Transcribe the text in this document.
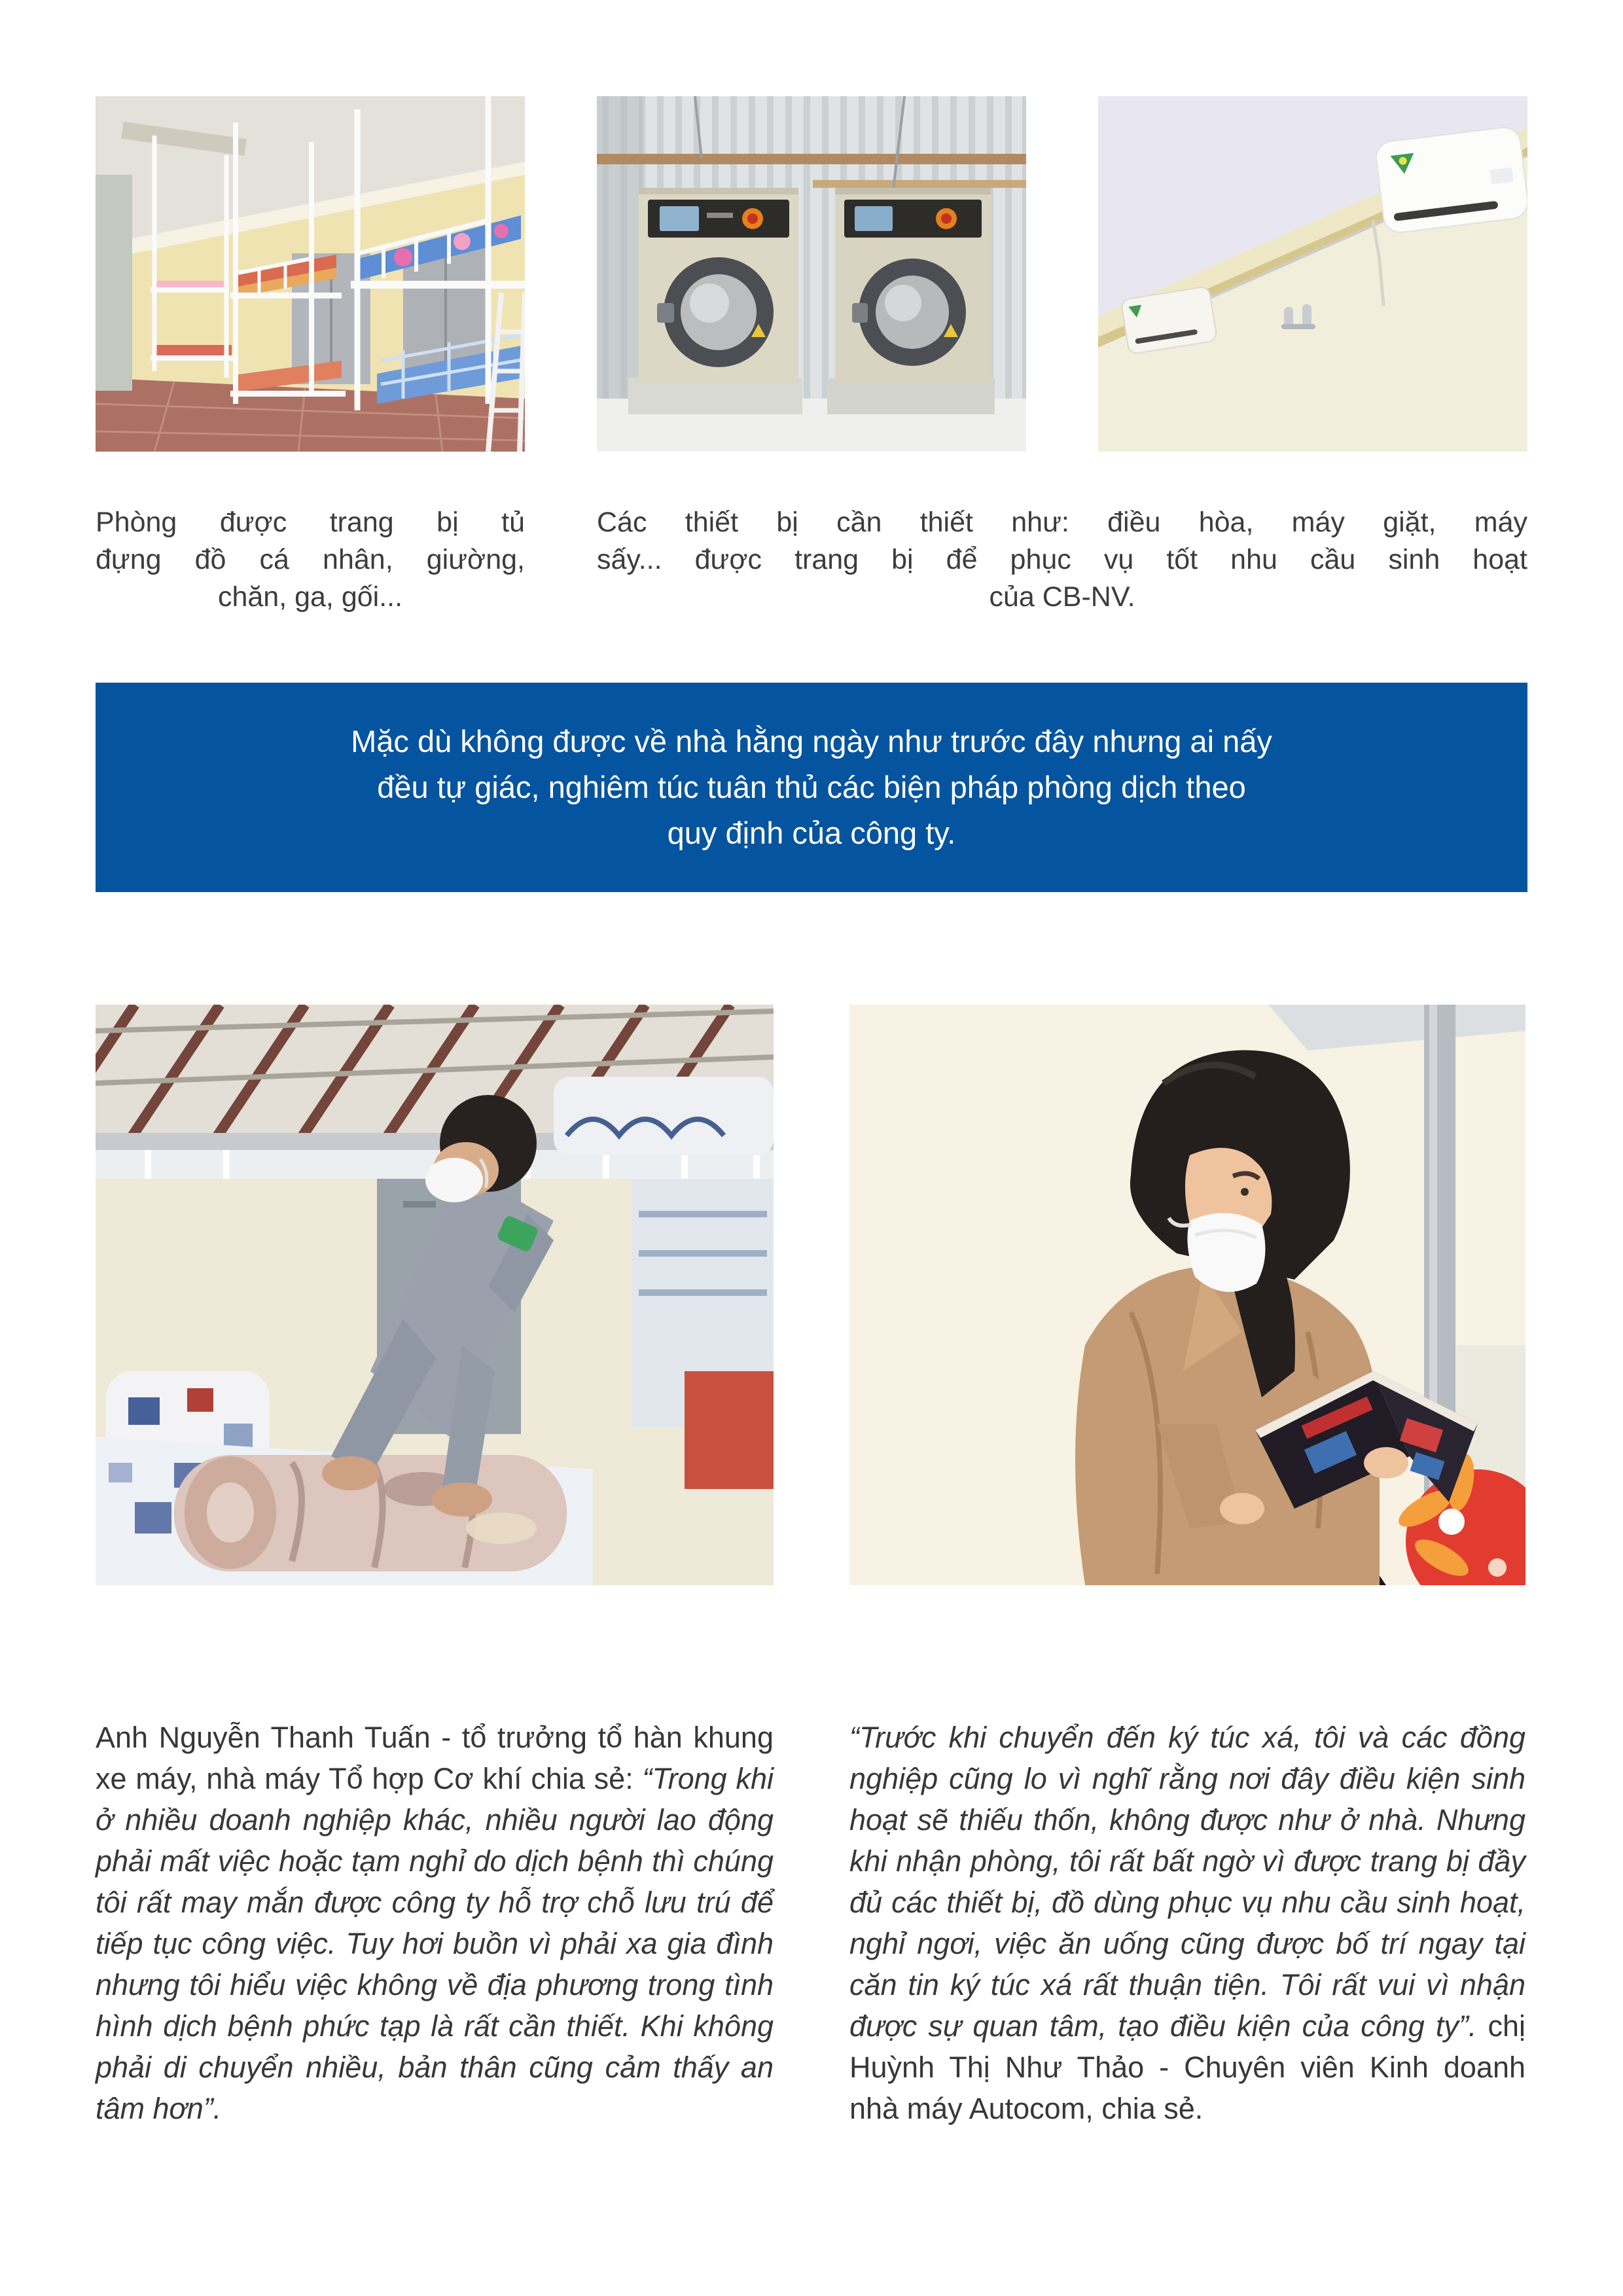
Phòng được trang bị tủ
đựng đồ cá nhân, giường,
chăn, ga, gối...
Các thiết bị cần thiết như: điều hòa, máy giặt, máy
sấy... được trang bị để phục vụ tốt nhu cầu sinh hoạt
của CB-NV.
Mặc dù không được về nhà hằng ngày như trước đây nhưng ai nấy
đều tự giác, nghiêm túc tuân thủ các biện pháp phòng dịch theo
quy định của công ty.

Anh Nguyễn Thanh Tuấn - tổ trưởng tổ hàn khung xe máy, nhà máy Tổ hợp Cơ khí chia sẻ: “Trong khi ở nhiều doanh nghiệp khác, nhiều người lao động phải mất việc hoặc tạm nghỉ do dịch bệnh thì chúng tôi rất may mắn được công ty hỗ trợ chỗ lưu trú để tiếp tục công việc. Tuy hơi buồn vì phải xa gia đình nhưng tôi hiểu việc không về địa phương trong tình hình dịch bệnh phức tạp là rất cần thiết. Khi không phải di chuyển nhiều, bản thân cũng cảm thấy an tâm hơn”.

“Trước khi chuyển đến ký túc xá, tôi và các đồng nghiệp cũng lo vì nghĩ rằng nơi đây điều kiện sinh hoạt sẽ thiếu thốn, không được như ở nhà. Nhưng khi nhận phòng, tôi rất bất ngờ vì được trang bị đầy đủ các thiết bị, đồ dùng phục vụ nhu cầu sinh hoạt, nghỉ ngơi, việc ăn uống cũng được bố trí ngay tại căn tin ký túc xá rất thuận tiện. Tôi rất vui vì nhận được sự quan tâm, tạo điều kiện của công ty”. chị Huỳnh Thị Như Thảo - Chuyên viên Kinh doanh nhà máy Autocom, chia sẻ.
